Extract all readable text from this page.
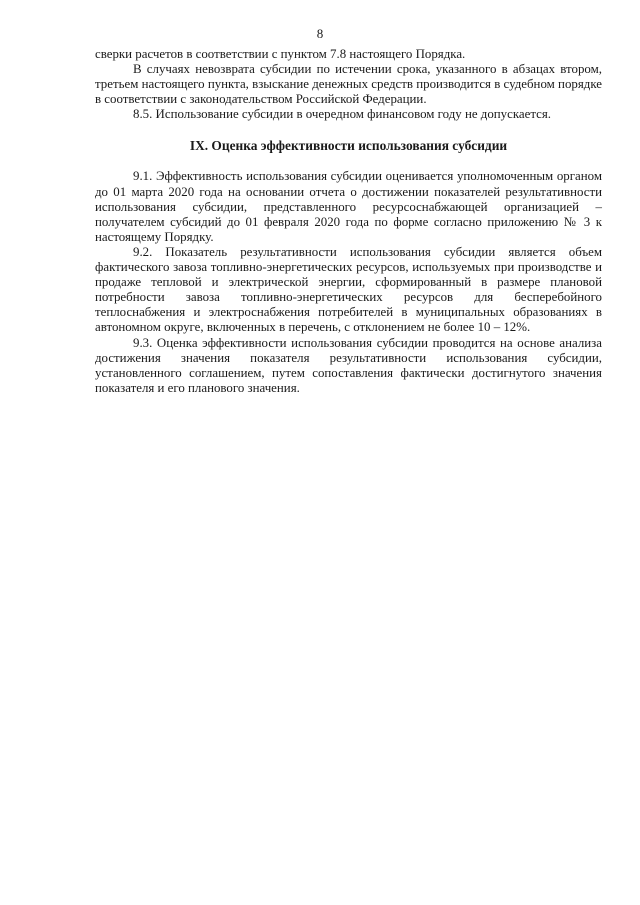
8

сверки расчетов в соответствии с пунктом 7.8 настоящего Порядка.

В случаях невозврата субсидии по истечении срока, указанного в абзацах втором, третьем настоящего пункта, взыскание денежных средств производится в судебном порядке в соответствии с законодательством Российской Федерации.

8.5. Использование субсидии в очередном финансовом году не допускается.

IX. Оценка эффективности использования субсидии

9.1. Эффективность использования субсидии оценивается уполномоченным органом до 01 марта 2020 года на основании отчета о достижении показателей результативности использования субсидии, представленного ресурсоснабжающей организацией – получателем субсидий до 01 февраля 2020 года по форме согласно приложению № 3 к настоящему Порядку.

9.2. Показатель результативности использования субсидии является объем фактического завоза топливно-энергетических ресурсов, используемых при производстве и продаже тепловой и электрической энергии, сформированный в размере плановой потребности завоза топливно-энергетических ресурсов для бесперебойного теплоснабжения и электроснабжения потребителей в муниципальных образованиях в автономном округе, включенных в перечень, с отклонением не более 10 – 12%.

9.3. Оценка эффективности использования субсидии проводится на основе анализа достижения значения показателя результативности использования субсидии, установленного соглашением, путем сопоставления фактически достигнутого значения показателя и его планового значения.
